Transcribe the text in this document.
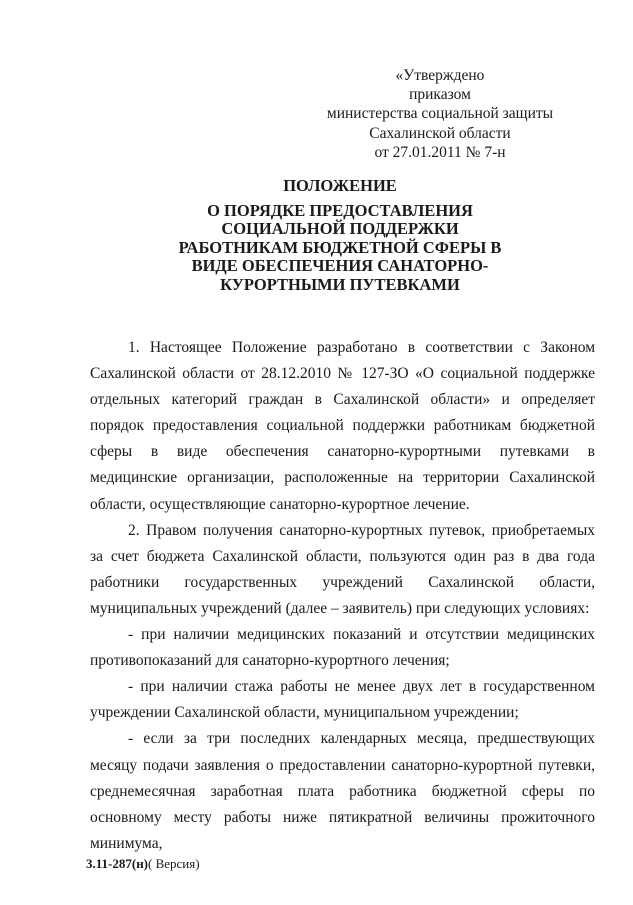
«Утверждено
приказом
министерства социальной защиты
Сахалинской области
от 27.01.2011 № 7-н
ПОЛОЖЕНИЕ
О ПОРЯДКЕ ПРЕДОСТАВЛЕНИЯ
СОЦИАЛЬНОЙ ПОДДЕРЖКИ
РАБОТНИКАМ БЮДЖЕТНОЙ СФЕРЫ В
ВИДЕ ОБЕСПЕЧЕНИЯ САНАТОРНО-
КУРОРТНЫМИ ПУТЕВКАМИ

1. Настоящее Положение разработано в соответствии с Законом Сахалинской области от 28.12.2010 № 127-ЗО «О социальной поддержке отдельных категорий граждан в Сахалинской области» и определяет порядок предоставления социальной поддержки работникам бюджетной сферы в виде обеспечения санаторно-курортными путевками в медицинские организации, расположенные на территории Сахалинской области, осуществляющие санаторно-курортное лечение.

2. Правом получения санаторно-курортных путевок, приобретаемых за счет бюджета Сахалинской области, пользуются один раз в два года работники государственных учреждений Сахалинской области, муниципальных учреждений (далее – заявитель) при следующих условиях:

- при наличии медицинских показаний и отсутствии медицинских противопоказаний для санаторно-курортного лечения;

- при наличии стажа работы не менее двух лет в государственном учреждении Сахалинской области, муниципальном учреждении;

- если за три последних календарных месяца, предшествующих месяцу подачи заявления о предоставлении санаторно-курортной путевки, среднемесячная заработная плата работника бюджетной сферы по основному месту работы ниже пятикратной величины прожиточного минимума,

3.11-287(н)( Версия)
